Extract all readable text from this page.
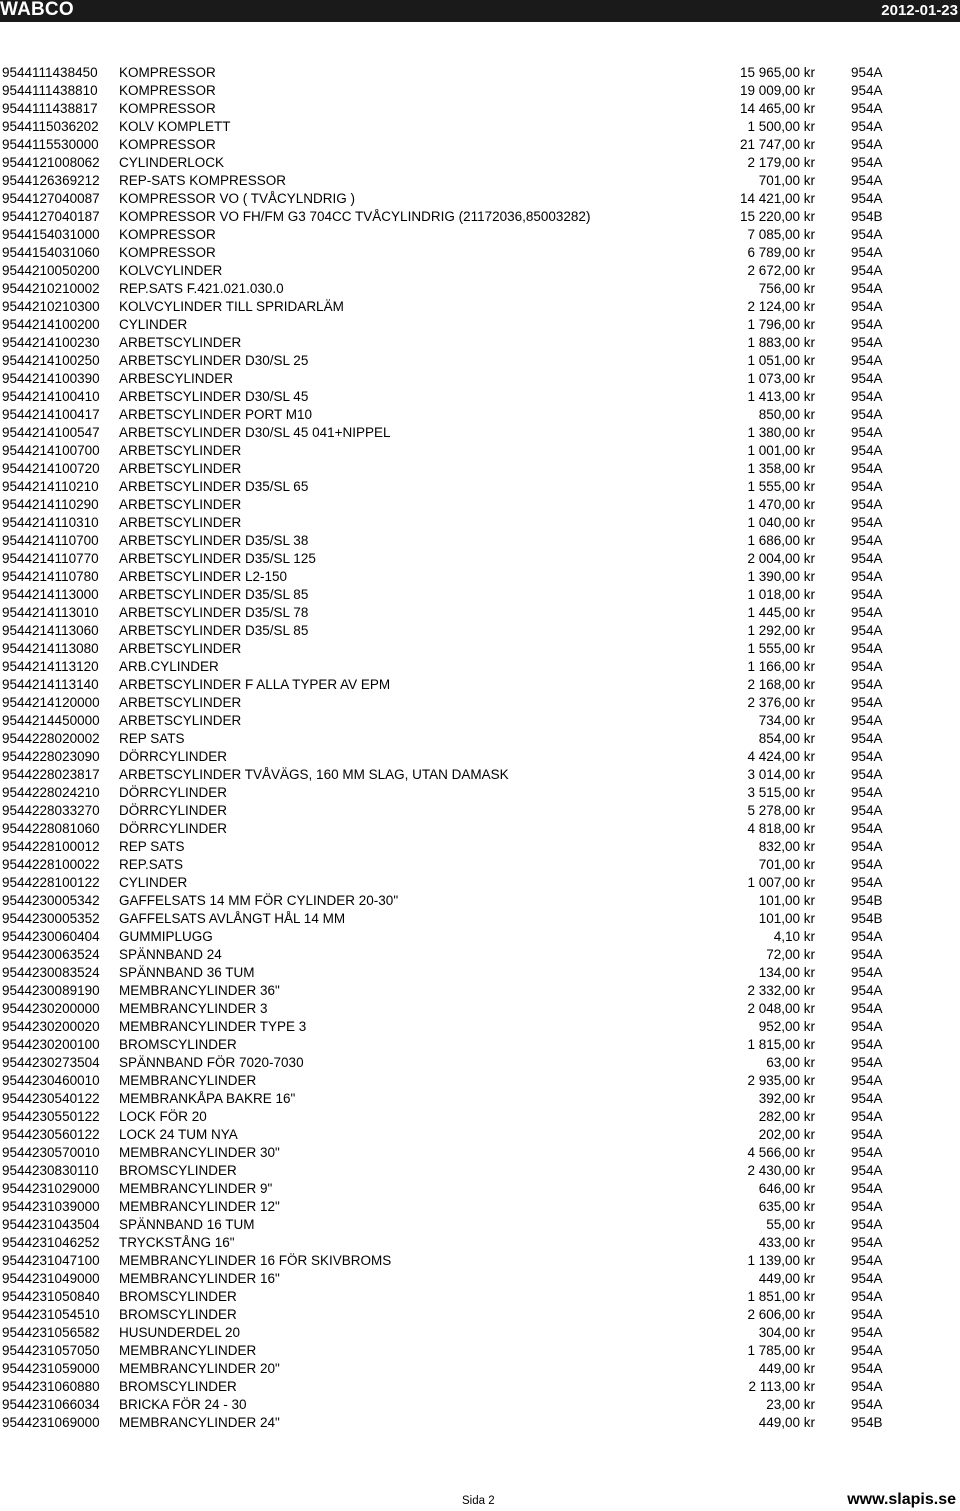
WABCO	2012-01-23
9544111438450 KOMPRESSOR	15 965,00 kr	954A
9544111438810 KOMPRESSOR	19 009,00 kr	954A
9544111438817 KOMPRESSOR	14 465,00 kr	954A
9544115036202 KOLV KOMPLETT	1 500,00 kr	954A
9544115530000 KOMPRESSOR	21 747,00 kr	954A
9544121008062 CYLINDERLOCK	2 179,00 kr	954A
9544126369212 REP-SATS KOMPRESSOR	701,00 kr	954A
9544127040087 KOMPRESSOR VO ( TVÅCYLNDRIG )	14 421,00 kr	954A
9544127040187 KOMPRESSOR VO FH/FM G3 704CC TVÅCYLINDRIG (21172036,85003282)	15 220,00 kr	954B
9544154031000 KOMPRESSOR	7 085,00 kr	954A
9544154031060 KOMPRESSOR	6 789,00 kr	954A
9544210050200 KOLVCYLINDER	2 672,00 kr	954A
9544210210002 REP.SATS F.421.021.030.0	756,00 kr	954A
9544210210300 KOLVCYLINDER TILL SPRIDARLÄM	2 124,00 kr	954A
9544214100200 CYLINDER	1 796,00 kr	954A
9544214100230 ARBETSCYLINDER	1 883,00 kr	954A
9544214100250 ARBETSCYLINDER D30/SL 25	1 051,00 kr	954A
9544214100390 ARBESCYLINDER	1 073,00 kr	954A
9544214100410 ARBETSCYLINDER D30/SL 45	1 413,00 kr	954A
9544214100417 ARBETSCYLINDER PORT M10	850,00 kr	954A
9544214100547 ARBETSCYLINDER D30/SL 45 041+NIPPEL	1 380,00 kr	954A
9544214100700 ARBETSCYLINDER	1 001,00 kr	954A
9544214100720 ARBETSCYLINDER	1 358,00 kr	954A
9544214110210 ARBETSCYLINDER D35/SL 65	1 555,00 kr	954A
9544214110290 ARBETSCYLINDER	1 470,00 kr	954A
9544214110310 ARBETSCYLINDER	1 040,00 kr	954A
9544214110700 ARBETSCYLINDER D35/SL 38	1 686,00 kr	954A
9544214110770 ARBETSCYLINDER D35/SL 125	2 004,00 kr	954A
9544214110780 ARBETSCYLINDER L2-150	1 390,00 kr	954A
9544214113000 ARBETSCYLINDER D35/SL 85	1 018,00 kr	954A
9544214113010 ARBETSCYLINDER D35/SL 78	1 445,00 kr	954A
9544214113060 ARBETSCYLINDER D35/SL 85	1 292,00 kr	954A
9544214113080 ARBETSCYLINDER	1 555,00 kr	954A
9544214113120 ARB.CYLINDER	1 166,00 kr	954A
9544214113140 ARBETSCYLINDER F ALLA TYPER AV EPM	2 168,00 kr	954A
9544214120000 ARBETSCYLINDER	2 376,00 kr	954A
9544214450000 ARBETSCYLINDER	734,00 kr	954A
9544228020002 REP SATS	854,00 kr	954A
9544228023090 DÖRRCYLINDER	4 424,00 kr	954A
9544228023817 ARBETSCYLINDER TVÅVÄGS, 160 MM SLAG, UTAN DAMASK	3 014,00 kr	954A
9544228024210 DÖRRCYLINDER	3 515,00 kr	954A
9544228033270 DÖRRCYLINDER	5 278,00 kr	954A
9544228081060 DÖRRCYLINDER	4 818,00 kr	954A
9544228100012 REP SATS	832,00 kr	954A
9544228100022 REP.SATS	701,00 kr	954A
9544228100122 CYLINDER	1 007,00 kr	954A
9544230005342 GAFFELSATS 14 MM FÖR CYLINDER 20-30"	101,00 kr	954B
9544230005352 GAFFELSATS AVLÅNGT HÅL 14 MM	101,00 kr	954B
9544230060404 GUMMIPLUGG	4,10 kr	954A
9544230063524 SPÄNNBAND 24	72,00 kr	954A
9544230083524 SPÄNNBAND 36 TUM	134,00 kr	954A
9544230089190 MEMBRANCYLINDER 36"	2 332,00 kr	954A
9544230200000 MEMBRANCYLINDER 3	2 048,00 kr	954A
9544230200020 MEMBRANCYLINDER TYPE 3	952,00 kr	954A
9544230200100 BROMSCYLINDER	1 815,00 kr	954A
9544230273504 SPÄNNBAND FÖR 7020-7030	63,00 kr	954A
9544230460010 MEMBRANCYLINDER	2 935,00 kr	954A
9544230540122 MEMBRANKÅPA BAKRE 16"	392,00 kr	954A
9544230550122 LOCK FÖR 20	282,00 kr	954A
9544230560122 LOCK 24 TUM NYA	202,00 kr	954A
9544230570010 MEMBRANCYLINDER 30"	4 566,00 kr	954A
9544230830110 BROMSCYLINDER	2 430,00 kr	954A
9544231029000 MEMBRANCYLINDER 9"	646,00 kr	954A
9544231039000 MEMBRANCYLINDER 12"	635,00 kr	954A
9544231043504 SPÄNNBAND 16 TUM	55,00 kr	954A
9544231046252 TRYCKSTÅNG 16"	433,00 kr	954A
9544231047100 MEMBRANCYLINDER 16 FÖR SKIVBROMS	1 139,00 kr	954A
9544231049000 MEMBRANCYLINDER 16"	449,00 kr	954A
9544231050840 BROMSCYLINDER	1 851,00 kr	954A
9544231054510 BROMSCYLINDER	2 606,00 kr	954A
9544231056582 HUSUNDERDEL 20	304,00 kr	954A
9544231057050 MEMBRANCYLINDER	1 785,00 kr	954A
9544231059000 MEMBRANCYLINDER 20"	449,00 kr	954A
9544231060880 BROMSCYLINDER	2 113,00 kr	954A
9544231066034 BRICKA FÖR 24 - 30	23,00 kr	954A
9544231069000 MEMBRANCYLINDER 24"	449,00 kr	954B
Sida 2	www.slapis.se
